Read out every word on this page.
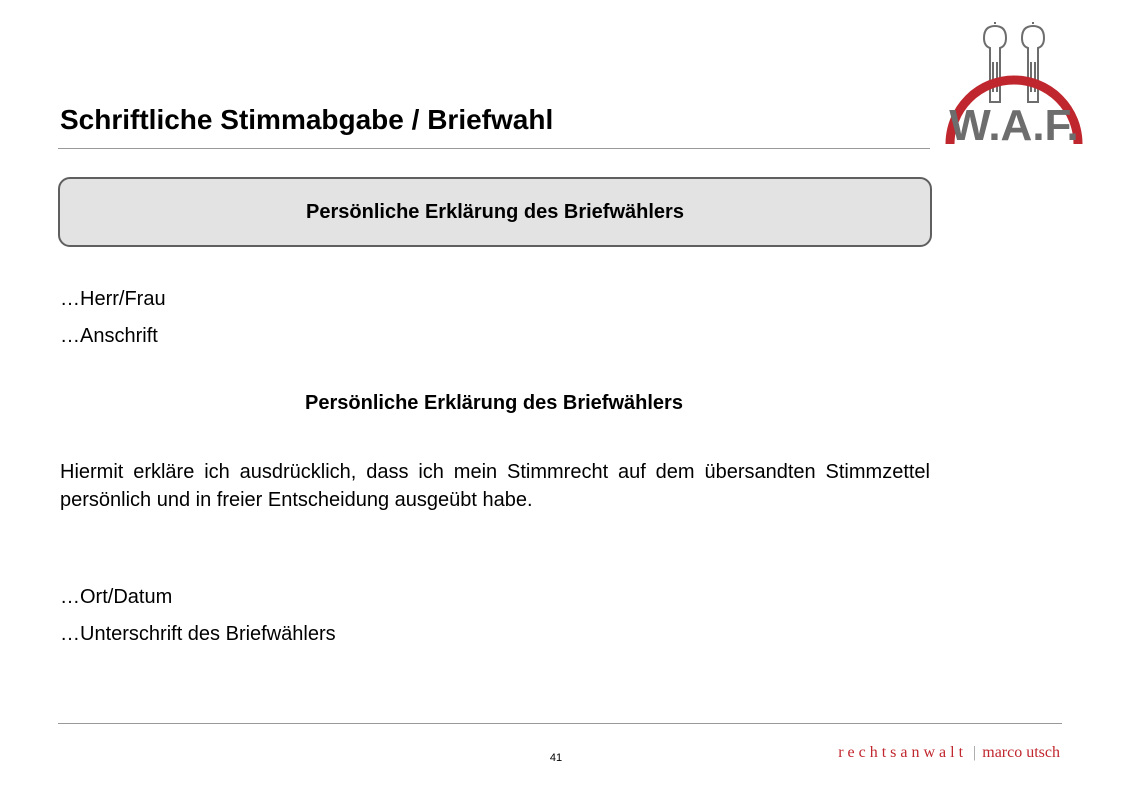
Schriftliche Stimmabgabe / Briefwahl	W.A.F.
Persönliche Erklärung des Briefwählers
…Herr/Frau
…Anschrift
Persönliche Erklärung des Briefwählers
Hiermit erkläre ich ausdrücklich, dass ich mein Stimmrecht auf dem übersandten Stimmzettel persönlich und in freier Entscheidung ausgeübt habe.
…Ort/Datum
…Unterschrift des Briefwählers
41	rechtsanwalt | marco utsch
